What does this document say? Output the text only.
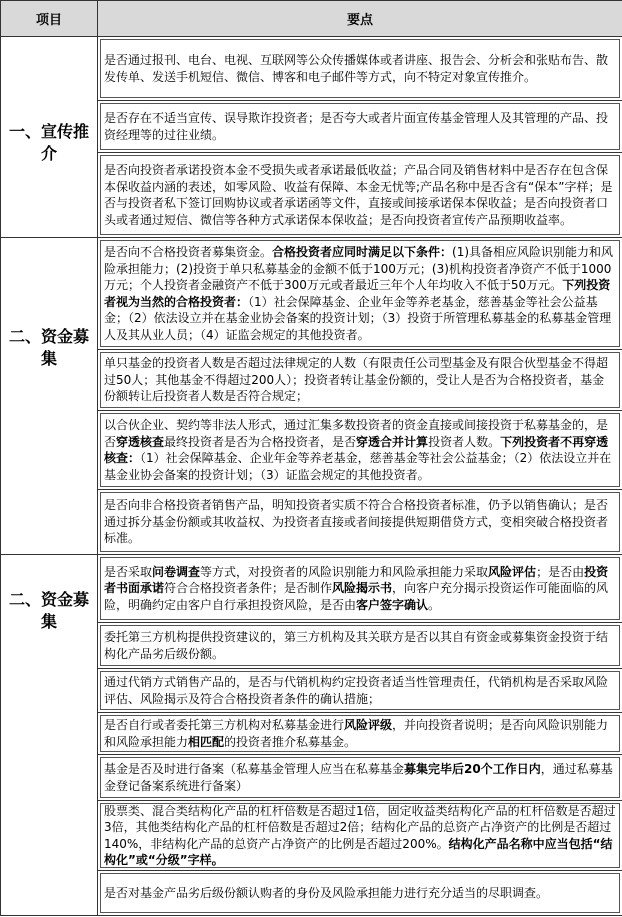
项目	要点
一、宣传推介	是否通过报刊、电台、电视、互联网等公众传播媒体或者讲座、报告会、分析会和张贴布告、散发传单、发送手机短信、微信、博客和电子邮件等方式，向不特定对象宣传推介。
	是否存在不适当宣传、误导欺诈投资者；是否夸大或者片面宣传基金管理人及其管理的产品、投资经理等的过往业绩。
	是否向投资者承诺投资本金不受损失或者承诺最低收益；产品合同及销售材料中是否存在包含保本保收益内涵的表述，如零风险、收益有保障、本金无忧等;产品名称中是否含有“保本”字样；是否与投资者私下签订回购协议或者承诺函等文件，直接或间接承诺保本保收益；是否向投资者口头或者通过短信、微信等各种方式承诺保本保收益；是否向投资者宣传产品预期收益率。
二、资金募集	是否向不合格投资者募集资金。合格投资者应同时满足以下条件：(1)具备相应风险识别能力和风险承担能力；(2)投资于单只私募基金的金额不低于100万元；(3)机构投资者净资产不低于1000万元；个人投资者金融资产不低于300万元或者最近三年个人年均收入不低于50万元。下列投资者视为当然的合格投资者：（1）社会保障基金、企业年金等养老基金，慈善基金等社会公益基金；（2）依法设立并在基金业协会备案的投资计划；（3）投资于所管理私募基金的私募基金管理人及其从业人员；（4）证监会规定的其他投资者。
	单只基金的投资者人数是否超过法律规定的人数（有限责任公司型基金及有限合伙型基金不得超过50人；其他基金不得超过200人）；投资者转让基金份额的，受让人是否为合格投资者，基金份额转让后投资者人数是否符合规定；
	以合伙企业、契约等非法人形式，通过汇集多数投资者的资金直接或间接投资于私募基金的，是否穿透核查最终投资者是否为合格投资者，是否穿透合并计算投资者人数。下列投资者不再穿透核查：（1）社会保障基金、企业年金等养老基金，慈善基金等社会公益基金；（2）依法设立并在基金业协会备案的投资计划；（3）证监会规定的其他投资者。
	是否向非合格投资者销售产品，明知投资者实质不符合合格投资者标准，仍予以销售确认；是否通过拆分基金份额或其收益权、为投资者直接或者间接提供短期借贷方式，变相突破合格投资者标准。
二、资金募集	是否采取问卷调查等方式，对投资者的风险识别能力和风险承担能力采取风险评估；是否由投资者书面承诺符合合格投资者条件；是否制作风险揭示书，向客户充分揭示投资运作可能面临的风险，明确约定由客户自行承担投资风险，是否由客户签字确认。
	委托第三方机构提供投资建议的，第三方机构及其关联方是否以其自有资金或募集资金投资于结构化产品劣后级份额。
	通过代销方式销售产品的，是否与代销机构约定投资者适当性管理责任，代销机构是否采取风险评估、风险揭示及符合合格投资者条件的确认措施；
	是否自行或者委托第三方机构对私募基金进行风险评级，并向投资者说明；是否向风险识别能力和风险承担能力相匹配的投资者推介私募基金。
	基金是否及时进行备案（私募基金管理人应当在私募基金募集完毕后20个工作日内，通过私募基金登记备案系统进行备案）
	股票类、混合类结构化产品的杠杆倍数是否超过1倍，固定收益类结构化产品的杠杆倍数是否超过3倍，其他类结构化产品的杠杆倍数是否超过2倍；结构化产品的总资产占净资产的比例是否超过140%，非结构化产品的总资产占净资产的比例是否超过200%。结构化产品名称中应当包括“结构化”或“分级”字样。
	是否对基金产品劣后级份额认购者的身份及风险承担能力进行充分适当的尽职调查。
